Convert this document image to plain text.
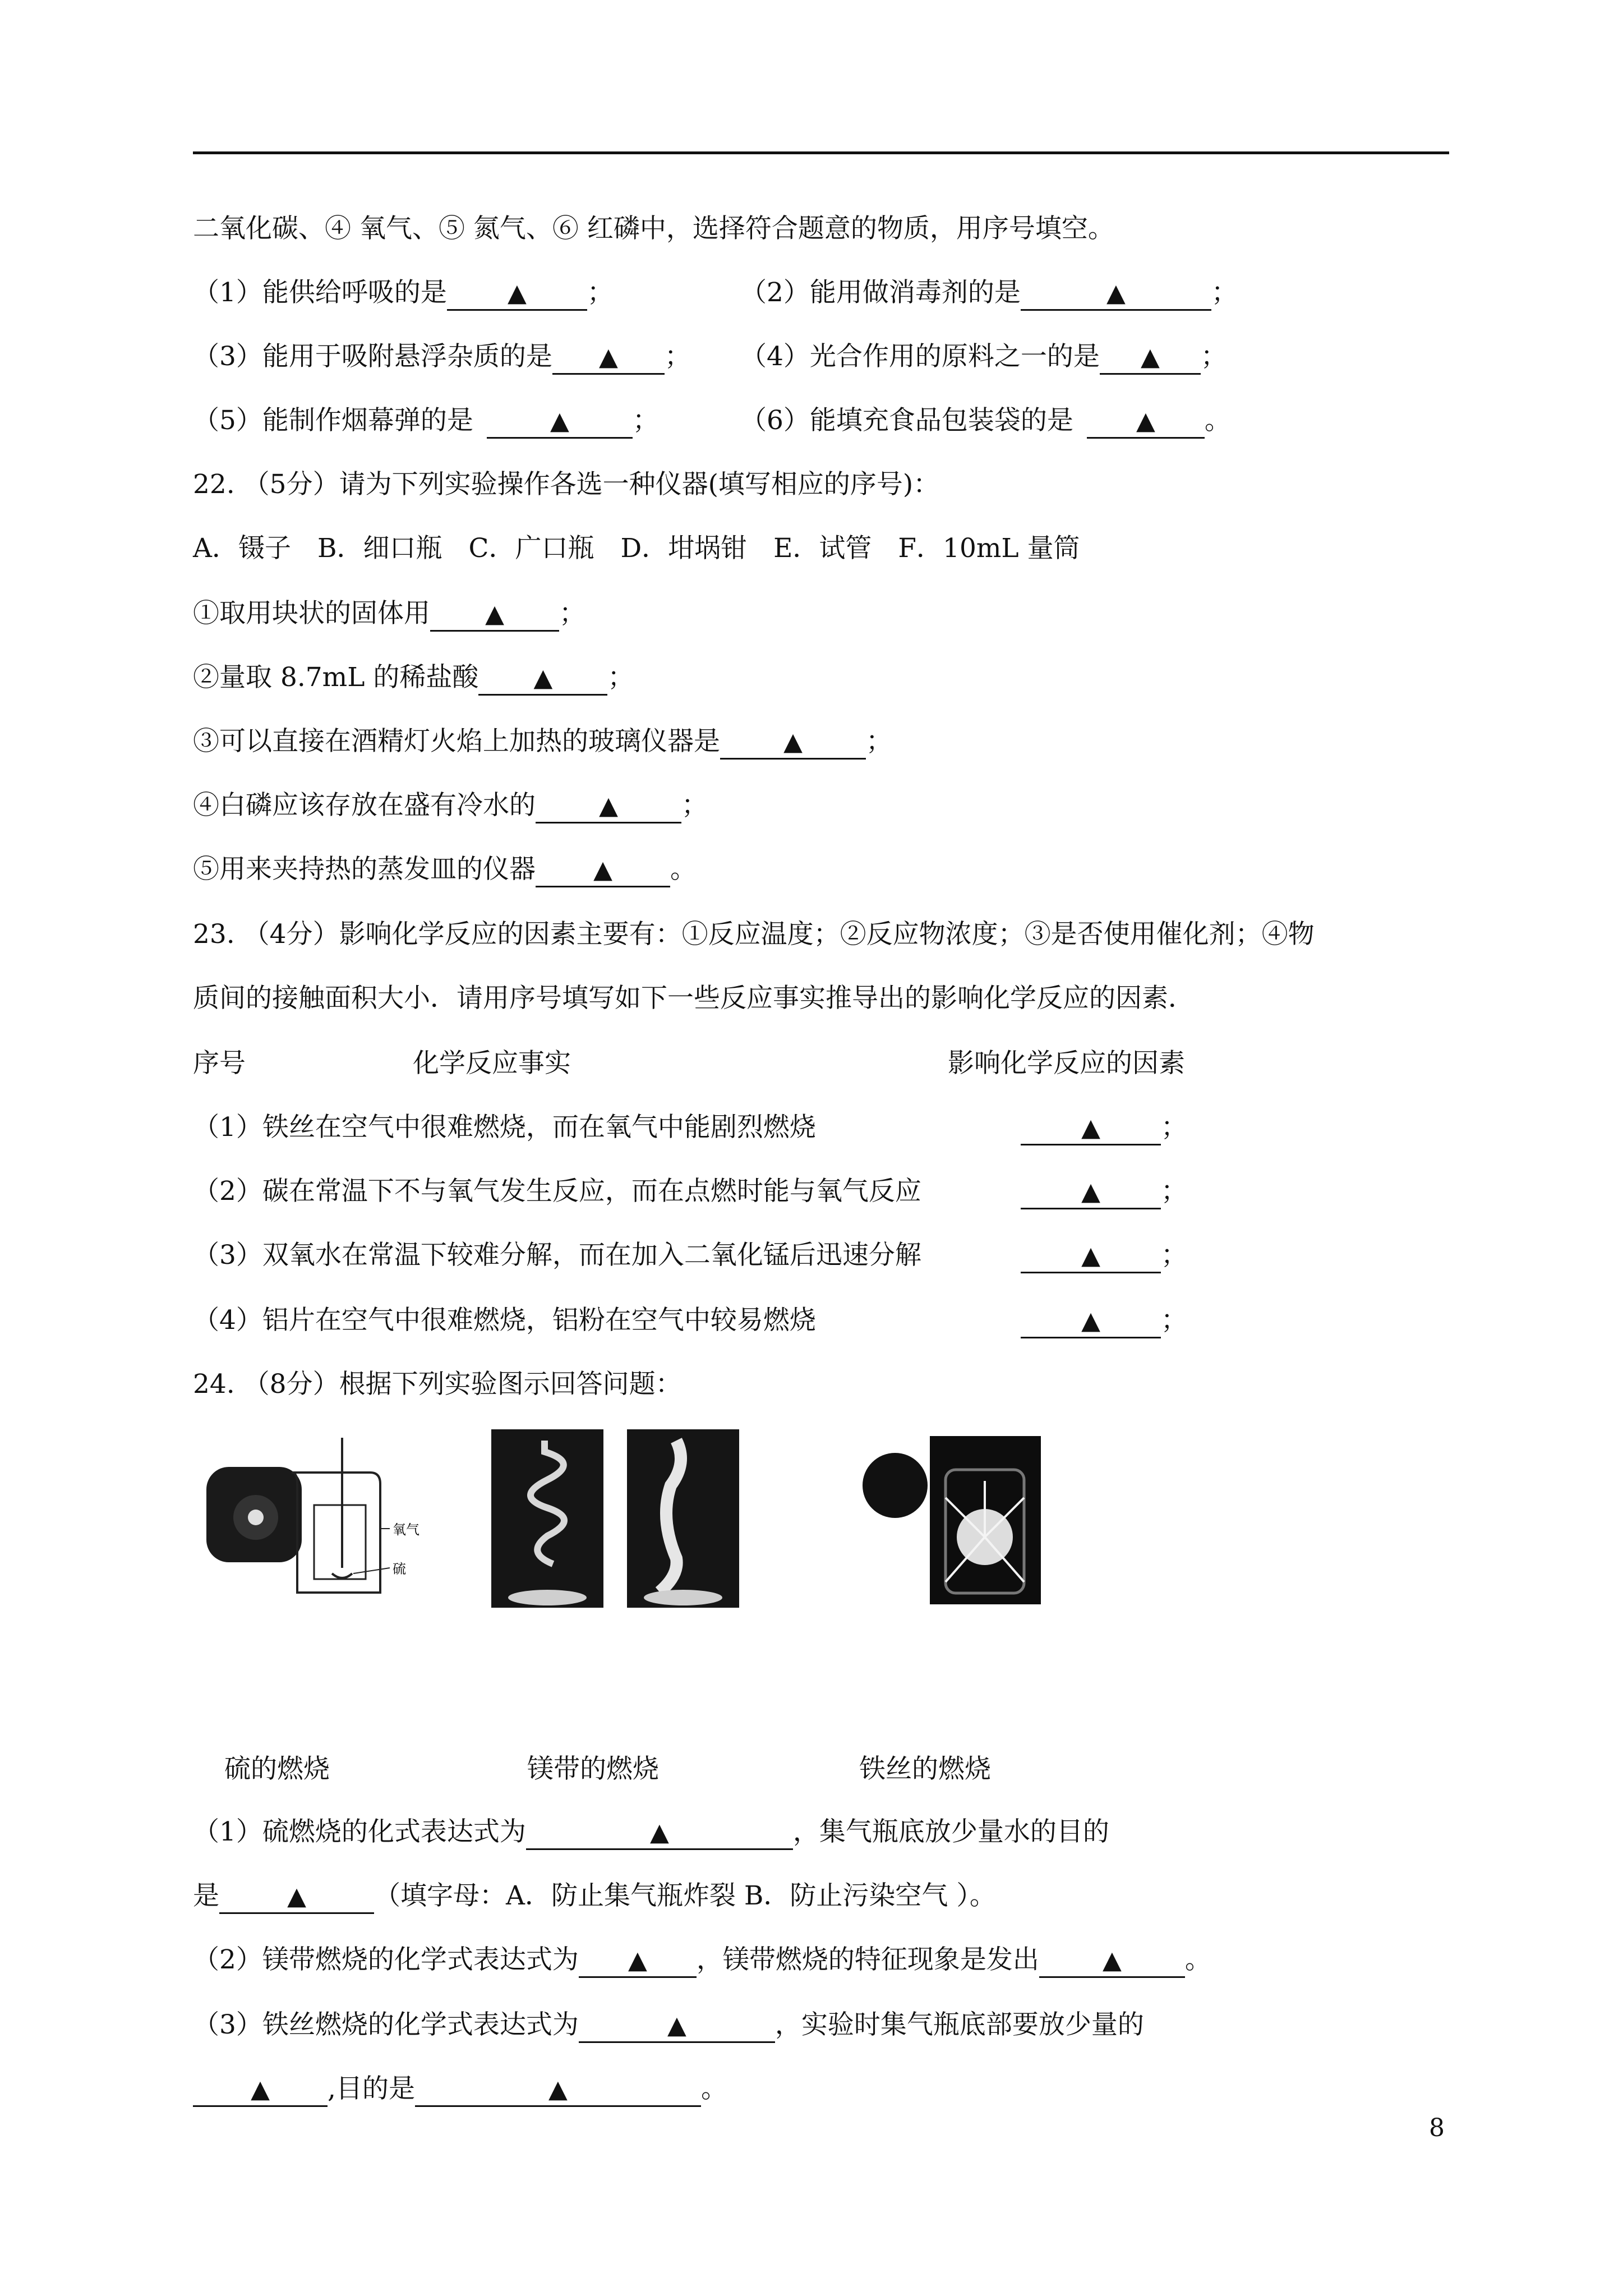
二氧化碳、④ 氧气、⑤ 氮气、⑥ 红磷中，选择符合题意的物质，用序号填空。
（1）能供给呼吸的是 ▲ ；	（2）能用做消毒剂的是	▲	；
（3）能用于吸附悬浮杂质的是 ▲ ； （4）光合作用的原料之一的是 ▲ ；
（5）能制作烟幕弹的是	▲ ；	（6）能填充食品包装袋的是	▲ 。
22. （5分）请为下列实验操作各选一种仪器(填写相应的序号)：
A．镊子　B．细口瓶　C．广口瓶　D．坩埚钳　E．试管　F．10mL 量筒
①取用块状的固体用 ▲ ；
②量取 8.7mL 的稀盐酸 ▲ ；
③可以直接在酒精灯火焰上加热的玻璃仪器是	▲ ；
④白磷应该存放在盛有冷水的	▲ ；
⑤用来夹持热的蒸发皿的仪器 ▲ 。
23. （4分）影响化学反应的因素主要有：①反应温度；②反应物浓度；③是否使用催化剂；④物
质间的接触面积大小．请用序号填写如下一些反应事实推导出的影响化学反应的因素．
序号	化学反应事实	影响化学反应的因素
（1）铁丝在空气中很难燃烧，而在氧气中能剧烈燃烧	▲ ；
（2）碳在常温下不与氧气发生反应，而在点燃时能与氧气反应	▲ ；
（3）双氧水在常温下较难分解，而在加入二氧化锰后迅速分解	▲ ；
（4）铝片在空气中很难燃烧，铝粉在空气中较易燃烧	▲ ；
24. （8分）根据下列实验图示回答问题：
氧气
硫
硫的燃烧	镁带的燃烧	铁丝的燃烧
（1）硫燃烧的化式表达式为	▲	，集气瓶底放少量水的目的
是	▲	（填字母：A．防止集气瓶炸裂 B．防止污染空气 ）。
（2）镁带燃烧的化学式表达式为 ▲ ，镁带燃烧的特征现象是发出	▲ 。
（3）铁丝燃烧的化学式表达式为	▲	，实验时集气瓶底部要放少量的
▲ ,目的是	▲	。
8
